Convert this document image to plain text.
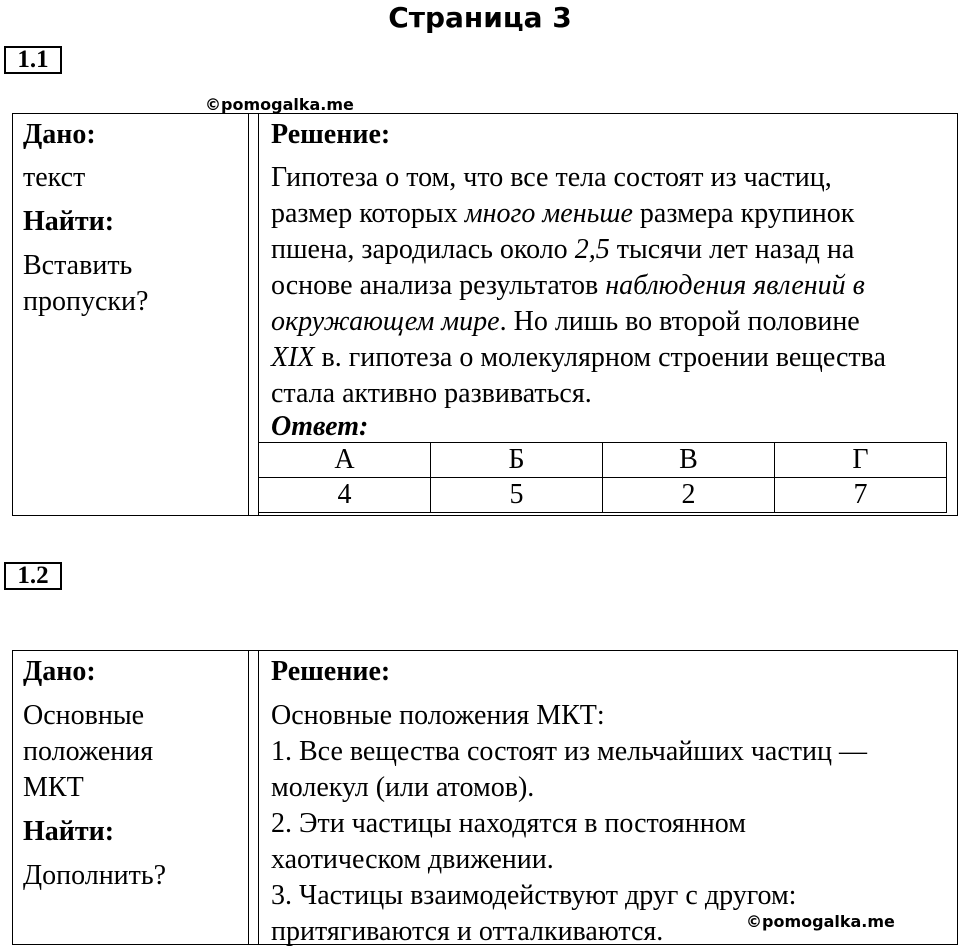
Страница 3
1.1
©pomogalka.me
Дано:
текст
Найти:
Вставить
пропуски?
Решение:
Гипотеза о том, что все тела состоят из частиц,
размер которых много меньше размера крупинок
пшена, зародилась около 2,5 тысячи лет назад на
основе анализа результатов наблюдения явлений в
окружающем мире. Но лишь во второй половине
XIX в. гипотеза о молекулярном строении вещества
стала активно развиваться.
Ответ:
А	Б	В	Г
4	5	2	7
1.2
Дано:
Основные
положения
МКТ
Найти:
Дополнить?
Решение:
Основные положения МКТ:
1. Все вещества состоят из мельчайших частиц —
молекул (или атомов).
2. Эти частицы находятся в постоянном
хаотическом движении.
3. Частицы взаимодействуют друг с другом:
притягиваются и отталкиваются.	©pomogalka.me
